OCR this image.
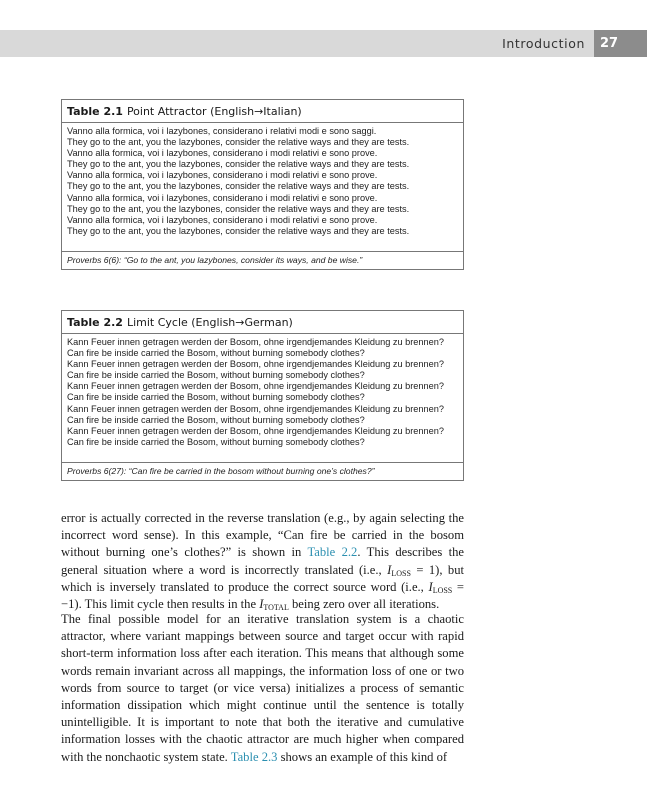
Introduction	27
Table 2.1 Point Attractor (English→Italian)
Vanno alla formica, voi i lazybones, considerano i relativi modi e sono saggi.
They go to the ant, you the lazybones, consider the relative ways and they are tests.
Vanno alla formica, voi i lazybones, considerano i modi relativi e sono prove.
They go to the ant, you the lazybones, consider the relative ways and they are tests.
Vanno alla formica, voi i lazybones, considerano i modi relativi e sono prove.
They go to the ant, you the lazybones, consider the relative ways and they are tests.
Vanno alla formica, voi i lazybones, considerano i modi relativi e sono prove.
They go to the ant, you the lazybones, consider the relative ways and they are tests.
Vanno alla formica, voi i lazybones, considerano i modi relativi e sono prove.
They go to the ant, you the lazybones, consider the relative ways and they are tests.
Proverbs 6(6): “Go to the ant, you lazybones, consider its ways, and be wise.”
Table 2.2 Limit Cycle (English→German)
Kann Feuer innen getragen werden der Bosom, ohne irgendjemandes Kleidung zu brennen?
Can fire be inside carried the Bosom, without burning somebody clothes?
Kann Feuer innen getragen werden der Bosom, ohne irgendjemandes Kleidung zu brennen?
Can fire be inside carried the Bosom, without burning somebody clothes?
Kann Feuer innen getragen werden der Bosom, ohne irgendjemandes Kleidung zu brennen?
Can fire be inside carried the Bosom, without burning somebody clothes?
Kann Feuer innen getragen werden der Bosom, ohne irgendjemandes Kleidung zu brennen?
Can fire be inside carried the Bosom, without burning somebody clothes?
Kann Feuer innen getragen werden der Bosom, ohne irgendjemandes Kleidung zu brennen?
Can fire be inside carried the Bosom, without burning somebody clothes?
Proverbs 6(27): “Can fire be carried in the bosom without burning one’s clothes?”

error is actually corrected in the reverse translation (e.g., by again selecting the incorrect word sense). In this example, “Can fire be carried in the bosom without burning one’s clothes?” is shown in Table 2.2. This describes the general situation where a word is incorrectly translated (i.e., $I_{LOSS} = 1$), but which is inversely translated to produce the correct source word (i.e., $I_{LOSS} = -1$). This limit cycle then results in the $I_{TOTAL}$ being zero over all iterations.

The final possible model for an iterative translation system is a chaotic attractor, where variant mappings between source and target occur with rapid short-term information loss after each iteration. This means that although some words remain invariant across all mappings, the information loss of one or two words from source to target (or vice versa) initializes a process of semantic information dissipation which might continue until the sentence is totally unintelligible. It is important to note that both the iterative and cumulative information losses with the chaotic attractor are much higher when compared with the nonchaotic system state. Table 2.3 shows an example of this kind of
